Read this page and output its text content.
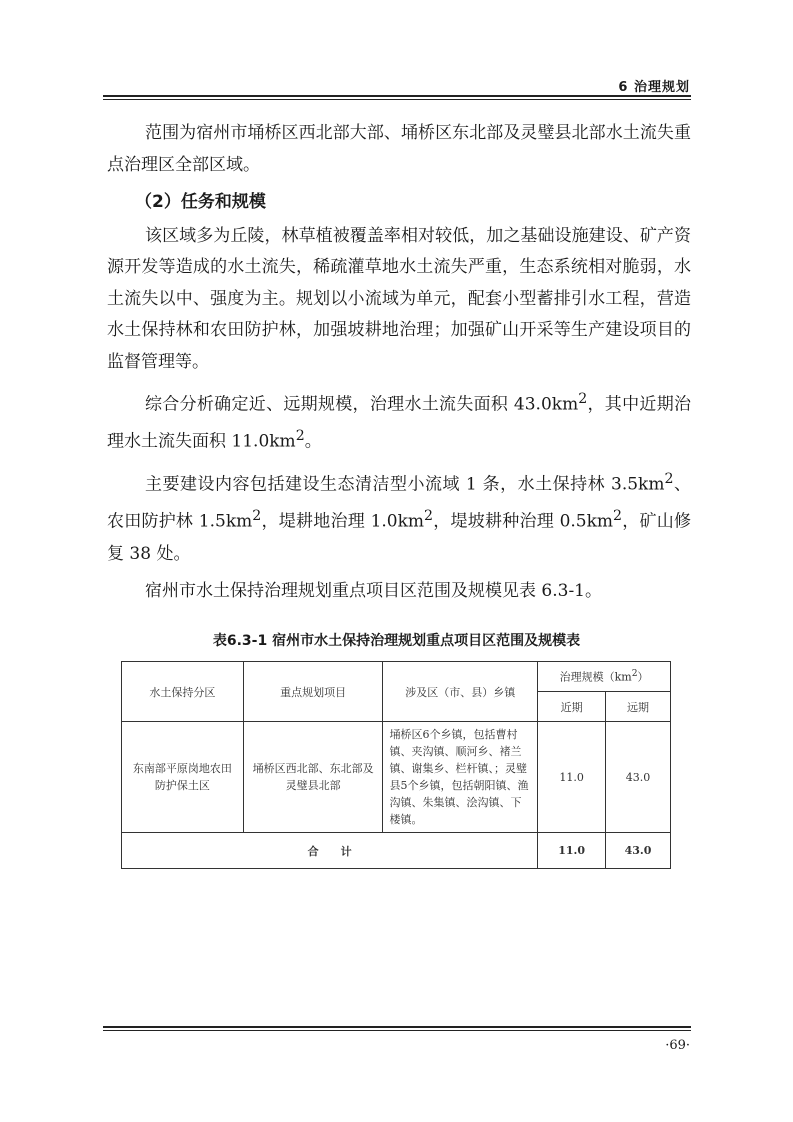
6 治理规划

范围为宿州市埇桥区西北部大部、埇桥区东北部及灵璧县北部水土流失重点治理区全部区域。

（2）任务和规模

该区域多为丘陵，林草植被覆盖率相对较低，加之基础设施建设、矿产资源开发等造成的水土流失，稀疏灌草地水土流失严重，生态系统相对脆弱，水土流失以中、强度为主。规划以小流域为单元，配套小型蓄排引水工程，营造水土保持林和农田防护林，加强坡耕地治理；加强矿山开采等生产建设项目的监督管理等。

综合分析确定近、远期规模，治理水土流失面积 $43.0km^2$，其中近期治理水土流失面积 $11.0km^2$。

主要建设内容包括建设生态清洁型小流域 1 条，水土保持林 $3.5km^2$、农田防护林 $1.5km^2$，堤耕地治理 $1.0km^2$，堤坡耕种治理 $0.5km^2$，矿山修复 38 处。

宿州市水土保持治理规划重点项目区范围及规模见表 6.3-1。

表6.3-1 宿州市水土保持治理规划重点项目区范围及规模表
水土保持分区	重点规划项目	涉及区（市、县）乡镇	治理规模$(km^2)$	
			近期	远期
东南部平原岗地农田防护保土区	埇桥区西北部、东北部及灵璧县北部	埇桥区6个乡镇，包括曹村镇、夹沟镇、顺河乡、褚兰镇、谢集乡、栏杆镇、；灵璧县5个乡镇，包括朝阳镇、渔沟镇、朱集镇、浍沟镇、下楼镇。	11.0	43.0
合　　计			11.0	43.0
·69·
